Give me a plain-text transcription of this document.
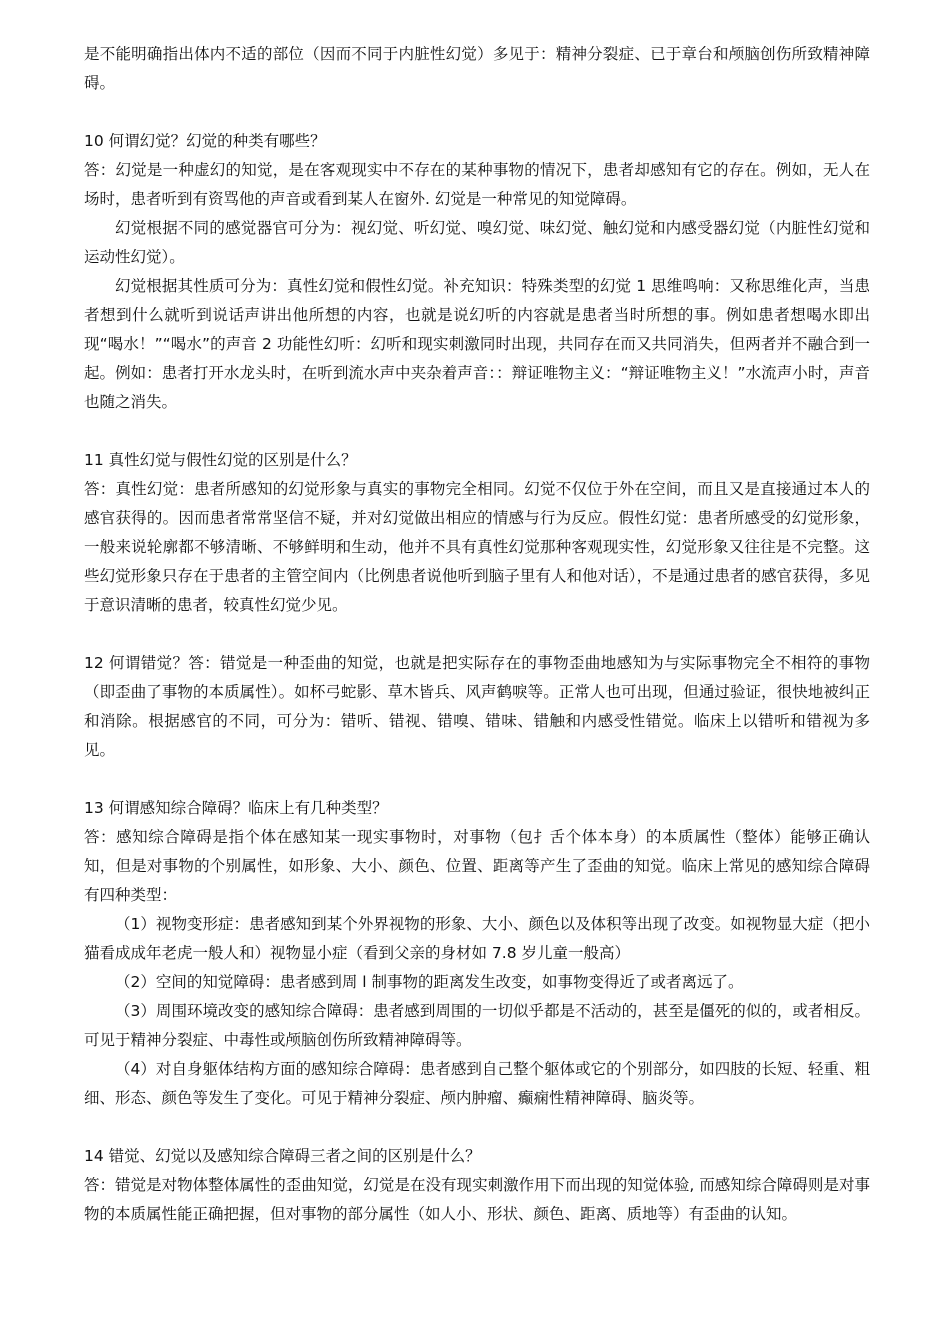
是不能明确指出体内不适的部位（因而不同于内脏性幻觉）多见于：精神分裂症、已于章台和颅脑创伤所致精神障碍。

10 何谓幻觉？幻觉的种类有哪些？

答：幻觉是一种虚幻的知觉，是在客观现实中不存在的某种事物的情况下，患者却感知有它的存在。例如，无人在场时，患者听到有资骂他的声音或看到某人在窗外. 幻觉是一种常见的知觉障碍。

幻觉根据不同的感觉器官可分为：视幻觉、听幻觉、嗅幻觉、味幻觉、触幻觉和内感受器幻觉（内脏性幻觉和运动性幻觉）。

幻觉根据其性质可分为：真性幻觉和假性幻觉。补充知识：特殊类型的幻觉 1 思维鸣响：又称思维化声，当患者想到什么就听到说话声讲出他所想的内容，也就是说幻听的内容就是患者当时所想的事。例如患者想喝水即出现“喝水！”“喝水”的声音 2 功能性幻听：幻听和现实刺激同时出现，共同存在而又共同消失，但两者并不融合到一起。例如：患者打开水龙头时，在听到流水声中夹杂着声音：：辩证唯物主义：“辩证唯物主义！”水流声小时，声音也随之消失。

11 真性幻觉与假性幻觉的区别是什么？

答：真性幻觉：患者所感知的幻觉形象与真实的事物完全相同。幻觉不仅位于外在空间，而且又是直接通过本人的感官获得的。因而患者常常坚信不疑，并对幻觉做出相应的情感与行为反应。假性幻觉：患者所感受的幻觉形象，一般来说轮廓都不够清晰、不够鲜明和生动，他并不具有真性幻觉那种客观现实性，幻觉形象又往往是不完整。这些幻觉形象只存在于患者的主管空间内（比例患者说他听到脑子里有人和他对话），不是通过患者的感官获得，多见于意识清晰的患者，较真性幻觉少见。

12 何谓错觉？答：错觉是一种歪曲的知觉，也就是把实际存在的事物歪曲地感知为与实际事物完全不相符的事物（即歪曲了事物的本质属性）。如杯弓蛇影、草木皆兵、风声鹤唳等。正常人也可出现，但通过验证，很快地被纠正和消除。根据感官的不同，可分为：错听、错视、错嗅、错味、错触和内感受性错觉。临床上以错听和错视为多见。

13 何谓感知综合障碍？临床上有几种类型？

答：感知综合障碍是指个体在感知某一现实事物时，对事物（包扌舌个体本身）的本质属性（整体）能够正确认知，但是对事物的个别属性，如形象、大小、颜色、位置、距离等产生了歪曲的知觉。临床上常见的感知综合障碍有四种类型：

（1）视物变形症：患者感知到某个外界视物的形象、大小、颜色以及体积等出现了改变。如视物显大症（把小猫看成成年老虎一般人和）视物显小症（看到父亲的身材如 7.8 岁儿童一般高）

（2）空间的知觉障碍：患者感到周 l 制事物的距离发生改变，如事物变得近了或者离远了。

（3）周围环境改变的感知综合障碍：患者感到周围的一切似乎都是不活动的，甚至是僵死的似的，或者相反。可见于精神分裂症、中毒性或颅脑创伤所致精神障碍等。

（4）对自身躯体结构方面的感知综合障碍：患者感到自己整个躯体或它的个别部分，如四肢的长短、轻重、粗细、形态、颜色等发生了变化。可见于精神分裂症、颅内肿瘤、癫痫性精神障碍、脑炎等。

14 错觉、幻觉以及感知综合障碍三者之间的区别是什么？

答：错觉是对物体整体属性的歪曲知觉，幻觉是在没有现实刺激作用下而出现的知觉体验, 而感知综合障碍则是对事物的本质属性能正确把握，但对事物的部分属性（如人小、形状、颜色、距离、质地等）有歪曲的认知。
